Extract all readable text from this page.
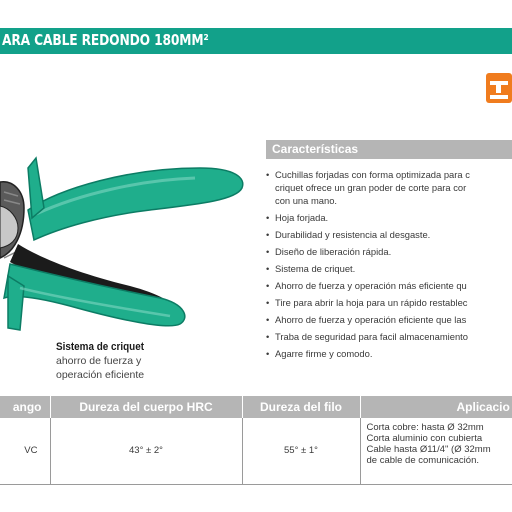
ARA CABLE REDONDO 180MM²
Sistema de criquet
ahorro de fuerza y
operación eficiente
Características
• Cuchillas forjadas con forma optimizada para c
criquet ofrece un gran poder de corte para cor
con una mano.
• Hoja forjada.
• Durabilidad y resistencia al desgaste.
• Diseño de liberación rápida.
• Sistema de criquet.
• Ahorro de fuerza y operación más eficiente qu
• Tire para abrir la hoja para un rápido restablec
• Ahorro de fuerza y operación eficiente que las
• Traba de seguridad para facil almacenamiento
• Agarre firme y comodo.
ango	Dureza del cuerpo HRC	Dureza del filo	Aplicacio
VC	43° ± 2°	55° ± 1°	Corta cobre: hasta Ø 32mm
Corta aluminio con cubierta
Cable hasta Ø11/4" (Ø 32mm
de cable de comunicación.
